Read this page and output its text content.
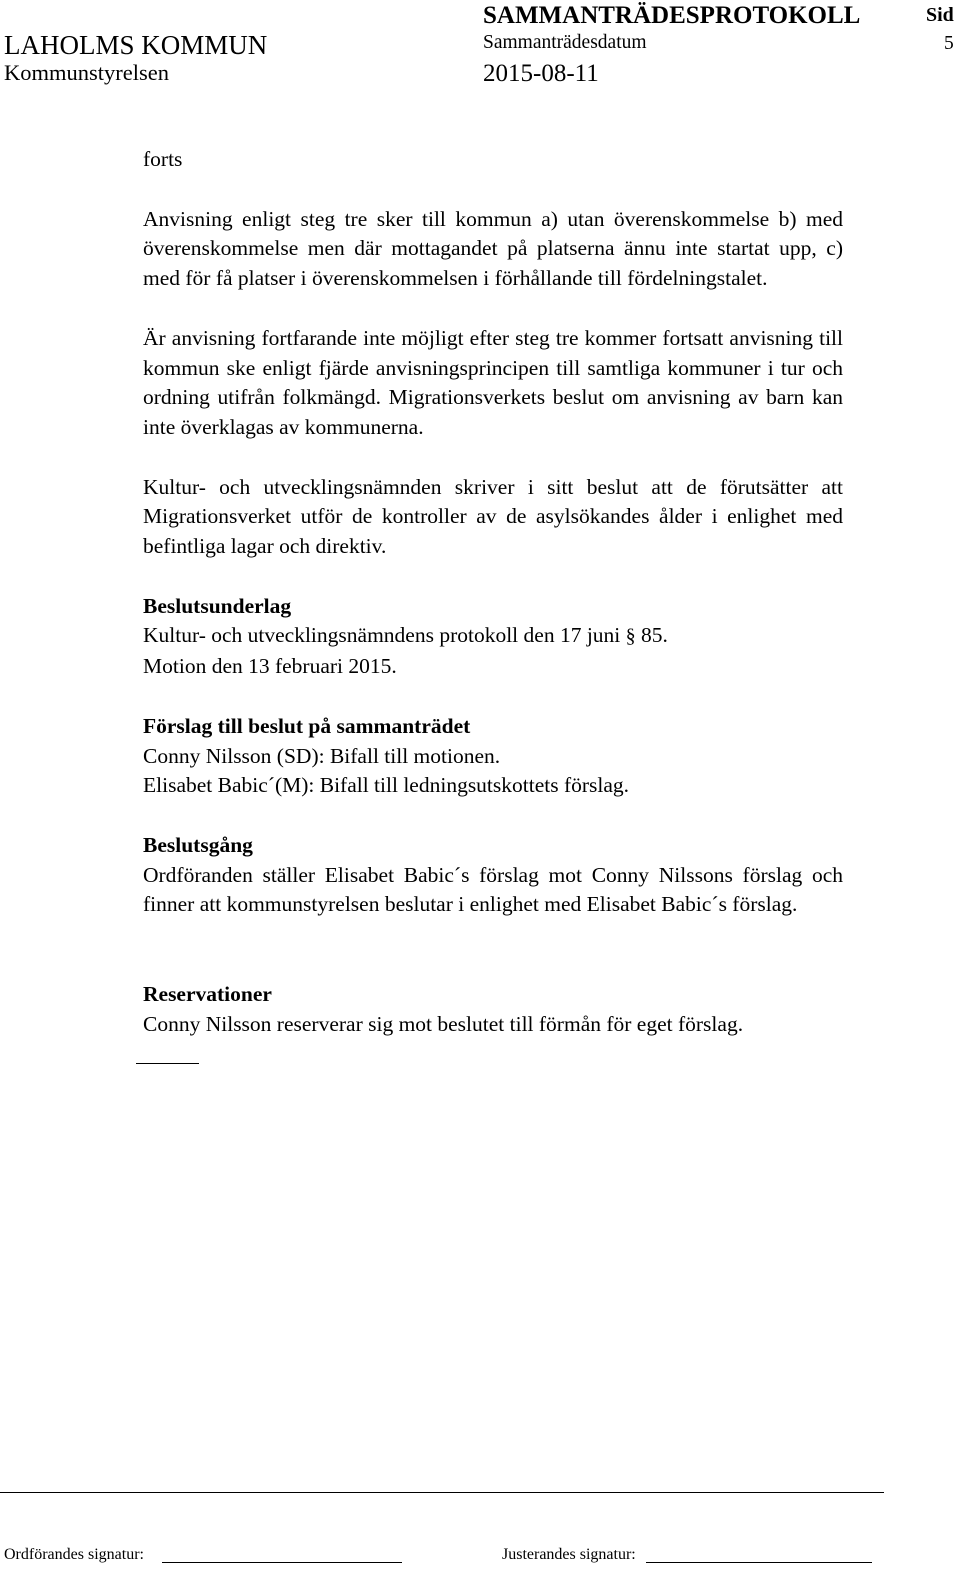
SAMMANTRÄDESPROTOKOLL	Sid
LAHOLMS KOMMUN	Sammanträdesdatum	5
Kommunstyrelsen	2015-08-11

forts

Anvisning enligt steg tre sker till kommun a) utan överenskommelse b) med överenskommelse men där mottagandet på platserna ännu inte startat upp, c) med för få platser i överenskommelsen i förhållande till fördelningstalet.

Är anvisning fortfarande inte möjligt efter steg tre kommer fortsatt anvisning till kommun ske enligt fjärde anvisningsprincipen till samtliga kommuner i tur och ordning utifrån folkmängd. Migrationsverkets beslut om anvisning av barn kan inte överklagas av kommunerna.

Kultur- och utvecklingsnämnden skriver i sitt beslut att de förutsätter att Migrationsverket utför de kontroller av de asylsökandes ålder i enlighet med befintliga lagar och direktiv.

Beslutsunderlag

Kultur- och utvecklingsnämndens protokoll den 17 juni § 85.

Motion den 13 februari 2015.

Förslag till beslut på sammanträdet

Conny Nilsson (SD): Bifall till motionen.

Elisabet Babic´(M): Bifall till ledningsutskottets förslag.

Beslutsgång

Ordföranden ställer Elisabet Babic´s förslag mot Conny Nilssons förslag och finner att kommunstyrelsen beslutar i enlighet med Elisabet Babic´s förslag.

Reservationer

Conny Nilsson reserverar sig mot beslutet till förmån för eget förslag.

Ordförandes signatur:	Justerandes signatur:
